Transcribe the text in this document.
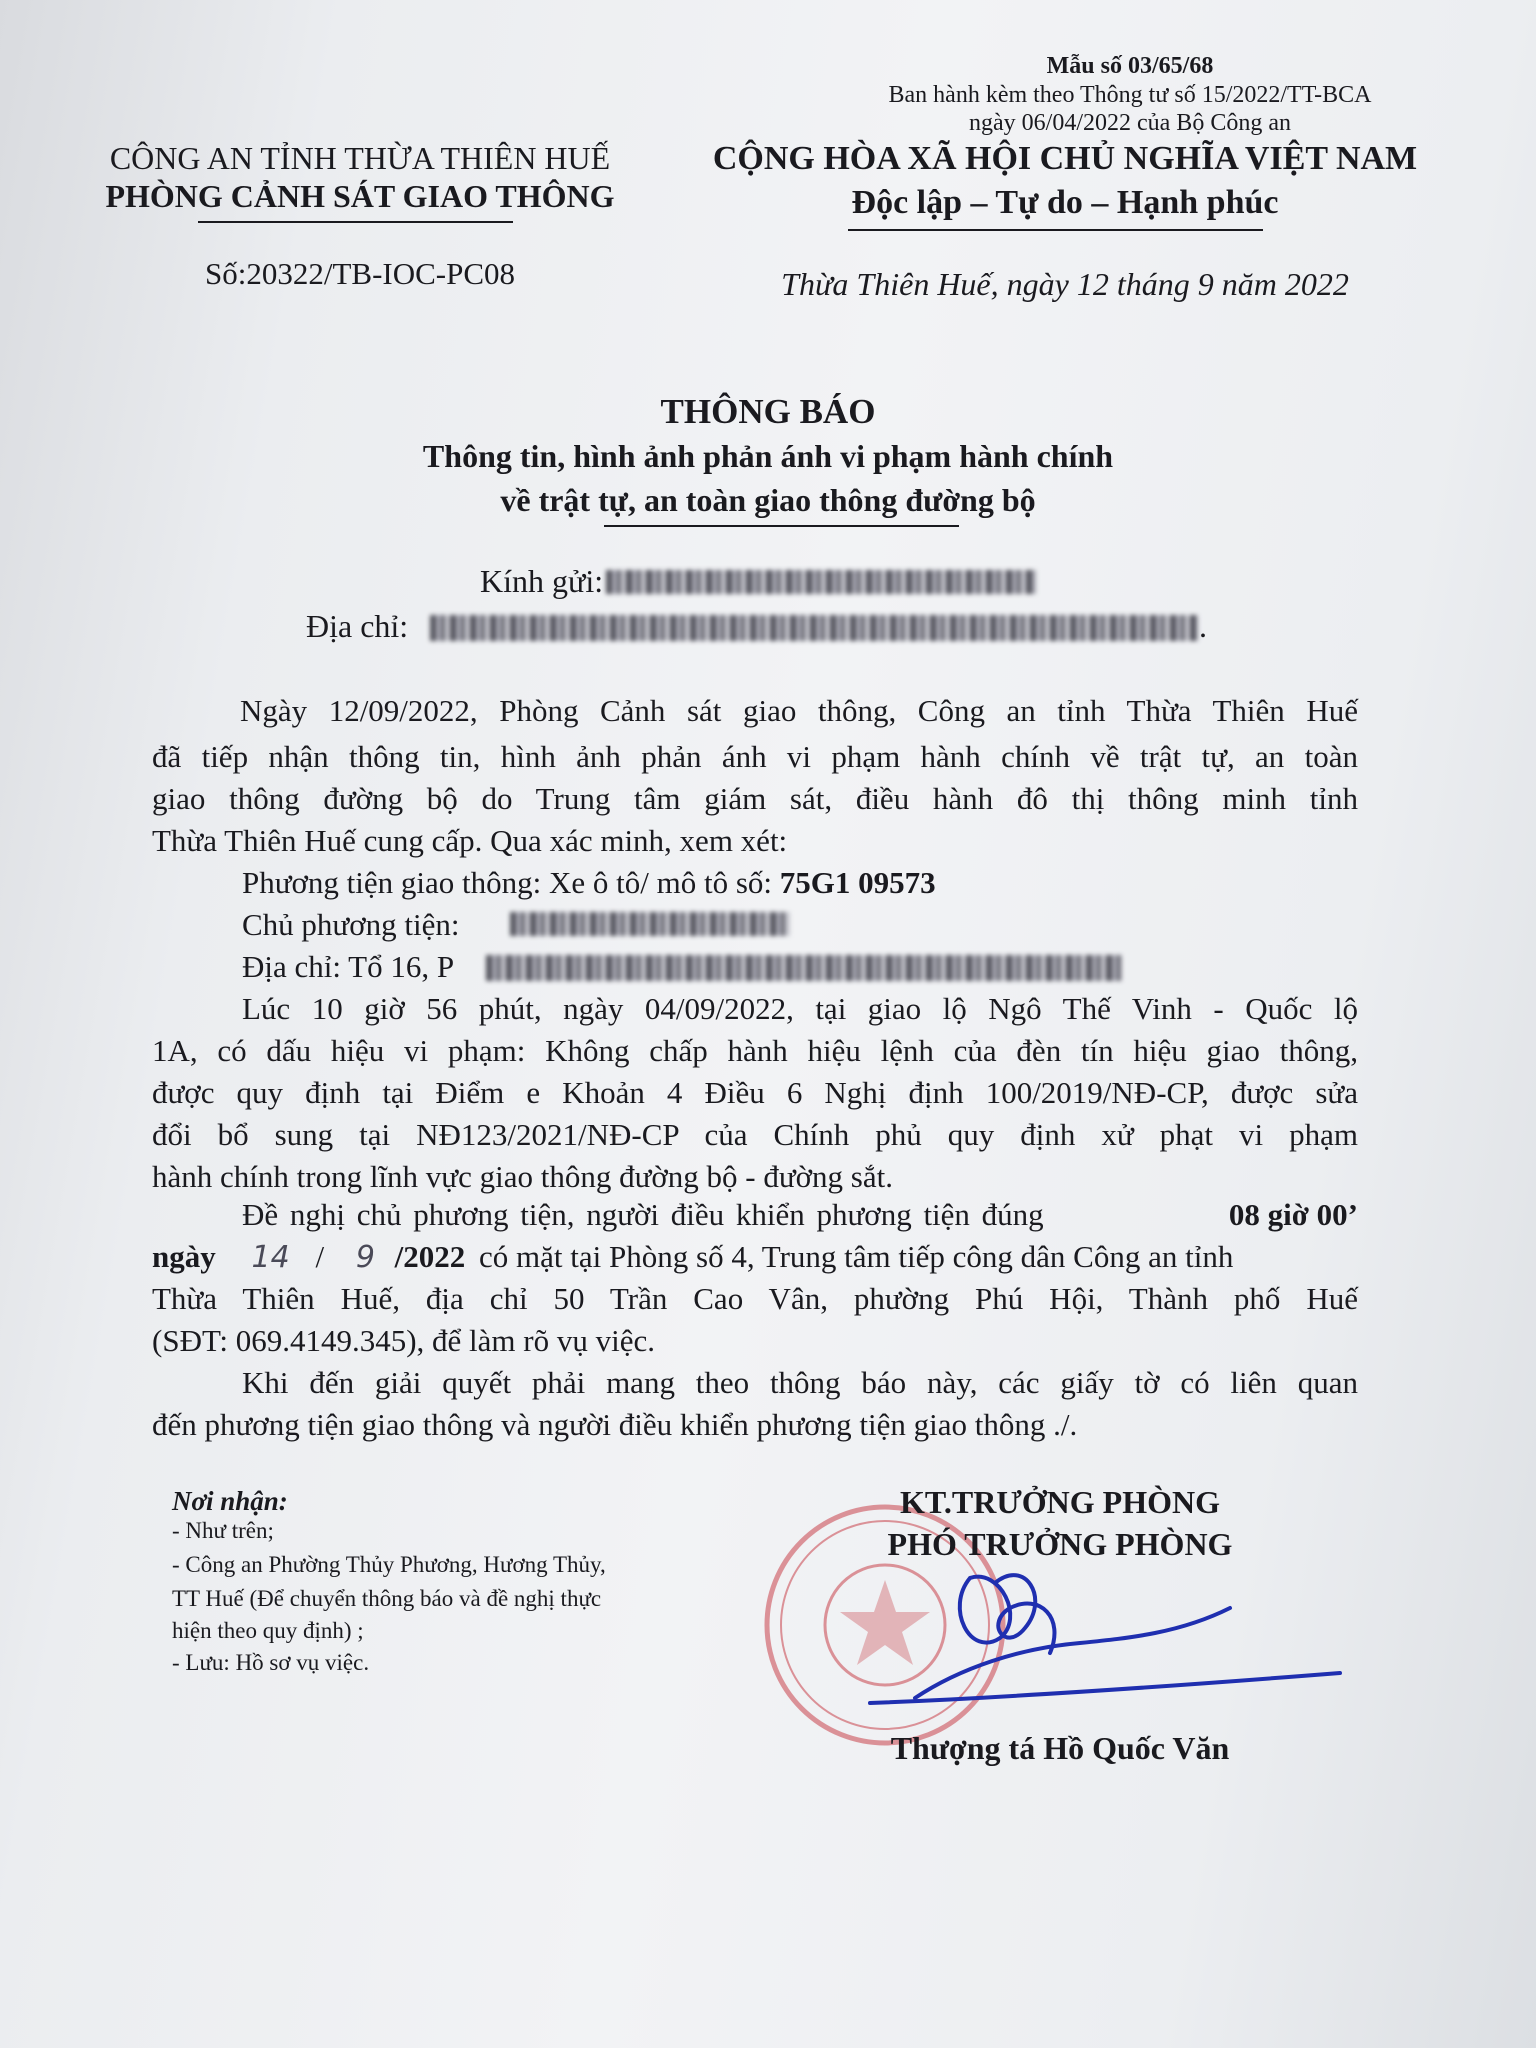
Mẫu số 03/65/68
Ban hành kèm theo Thông tư số 15/2022/TT-BCA
ngày 06/04/2022 của Bộ Công an
CÔNG AN TỈNH THỪA THIÊN HUẾ
PHÒNG CẢNH SÁT GIAO THÔNG
Số:20322/TB-IOC-PC08
CỘNG HÒA XÃ HỘI CHỦ NGHĨA VIỆT NAM
Độc lập – Tự do – Hạnh phúc
Thừa Thiên Huế, ngày 12 tháng 9 năm 2022
THÔNG BÁO
Thông tin, hình ảnh phản ánh vi phạm hành chính
về trật tự, an toàn giao thông đường bộ
Kính gửi:
Địa chỉ:	.
Ngày 12/09/2022, Phòng Cảnh sát giao thông, Công an tỉnh Thừa Thiên Huế
đã tiếp nhận thông tin, hình ảnh phản ánh vi phạm hành chính về trật tự, an toàn
giao thông đường bộ do Trung tâm giám sát, điều hành đô thị thông minh tỉnh
Thừa Thiên Huế cung cấp. Qua xác minh, xem xét:
Phương tiện giao thông: Xe ô tô/ mô tô số: 75G1 09573
Chủ phương tiện:
Địa chỉ: Tổ 16, P
Lúc 10 giờ 56 phút, ngày 04/09/2022, tại giao lộ Ngô Thế Vinh - Quốc lộ
1A, có dấu hiệu vi phạm: Không chấp hành hiệu lệnh của đèn tín hiệu giao thông,
được quy định tại Điểm e Khoản 4 Điều 6 Nghị định 100/2019/NĐ-CP, được sửa
đổi bổ sung tại NĐ123/2021/NĐ-CP của Chính phủ quy định xử phạt vi phạm
hành chính trong lĩnh vực giao thông đường bộ - đường sắt.
Đề nghị chủ phương tiện, người điều khiển phương tiện đúng	08 giờ 00’
ngày 14 / 9 /2022 có mặt tại Phòng số 4, Trung tâm tiếp công dân Công an tỉnh
Thừa Thiên Huế, địa chỉ 50 Trần Cao Vân, phường Phú Hội, Thành phố Huế
(SĐT: 069.4149.345), để làm rõ vụ việc.
Khi đến giải quyết phải mang theo thông báo này, các giấy tờ có liên quan
đến phương tiện giao thông và người điều khiển phương tiện giao thông ./.
Nơi nhận:
- Như trên;
- Công an Phường Thủy Phương, Hương Thủy,
TT Huế (Để chuyển thông báo và đề nghị thực
hiện theo quy định) ;
- Lưu: Hồ sơ vụ việc.
KT.TRƯỞNG PHÒNG
PHÓ TRƯỞNG PHÒNG
Thượng tá Hồ Quốc Văn
